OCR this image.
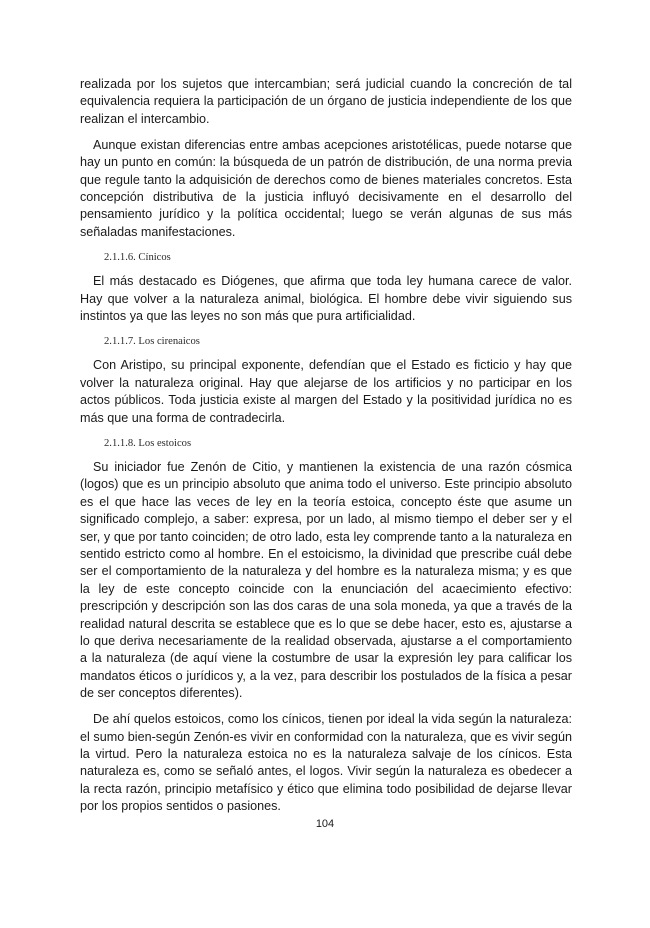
realizada por los sujetos que intercambian; será judicial cuando la concreción de tal equivalencia requiera la participación de un órgano de justicia independiente de los que realizan el intercambio.

Aunque existan diferencias entre ambas acepciones aristotélicas, puede notarse que hay un punto en común: la búsqueda de un patrón de distribución, de una norma previa que regule tanto la adquisición de derechos como de bienes materiales concretos. Esta concepción distributiva de la justicia influyó decisivamente en el desarrollo del pensamiento jurídico y la política occidental; luego se verán algunas de sus más señaladas manifestaciones.

2.1.1.6. Cínicos

El más destacado es Diógenes, que afirma que toda ley humana carece de valor. Hay que volver a la naturaleza animal, biológica. El hombre debe vivir siguiendo sus instintos ya que las leyes no son más que pura artificialidad.

2.1.1.7. Los cirenaicos

Con Aristipo, su principal exponente, defendían que el Estado es ficticio y hay que volver la naturaleza original. Hay que alejarse de los artificios y no participar en los actos públicos. Toda justicia existe al margen del Estado y la positividad jurídica no es más que una forma de contradecirla.

2.1.1.8. Los estoicos

Su iniciador fue Zenón de Citio, y mantienen la existencia de una razón cósmica (logos) que es un principio absoluto que anima todo el universo. Este principio absoluto es el que hace las veces de ley en la teoría estoica, concepto éste que asume un significado complejo, a saber: expresa, por un lado, al mismo tiempo el deber ser y el ser, y que por tanto coinciden; de otro lado, esta ley comprende tanto a la naturaleza en sentido estricto como al hombre. En el estoicismo, la divinidad que prescribe cuál debe ser el comportamiento de la naturaleza y del hombre es la naturaleza misma; y es que la ley de este concepto coincide con la enunciación del acaecimiento efectivo: prescripción y descripción son las dos caras de una sola moneda, ya que a través de la realidad natural descrita se establece que es lo que se debe hacer, esto es, ajustarse a lo que deriva necesariamente de la realidad observada, ajustarse a el comportamiento a la naturaleza (de aquí viene la costumbre de usar la expresión ley para calificar los mandatos éticos o jurídicos y, a la vez, para describir los postulados de la física a pesar de ser conceptos diferentes).

De ahí quelos estoicos, como los cínicos, tienen por ideal la vida según la naturaleza: el sumo bien-según Zenón-es vivir en conformidad con la naturaleza, que es vivir según la virtud. Pero la naturaleza estoica no es la naturaleza salvaje de los cínicos. Esta naturaleza es, como se señaló antes, el logos. Vivir según la naturaleza es obedecer a la recta razón, principio metafísico y ético que elimina todo posibilidad de dejarse llevar por los propios sentidos o pasiones.

104
